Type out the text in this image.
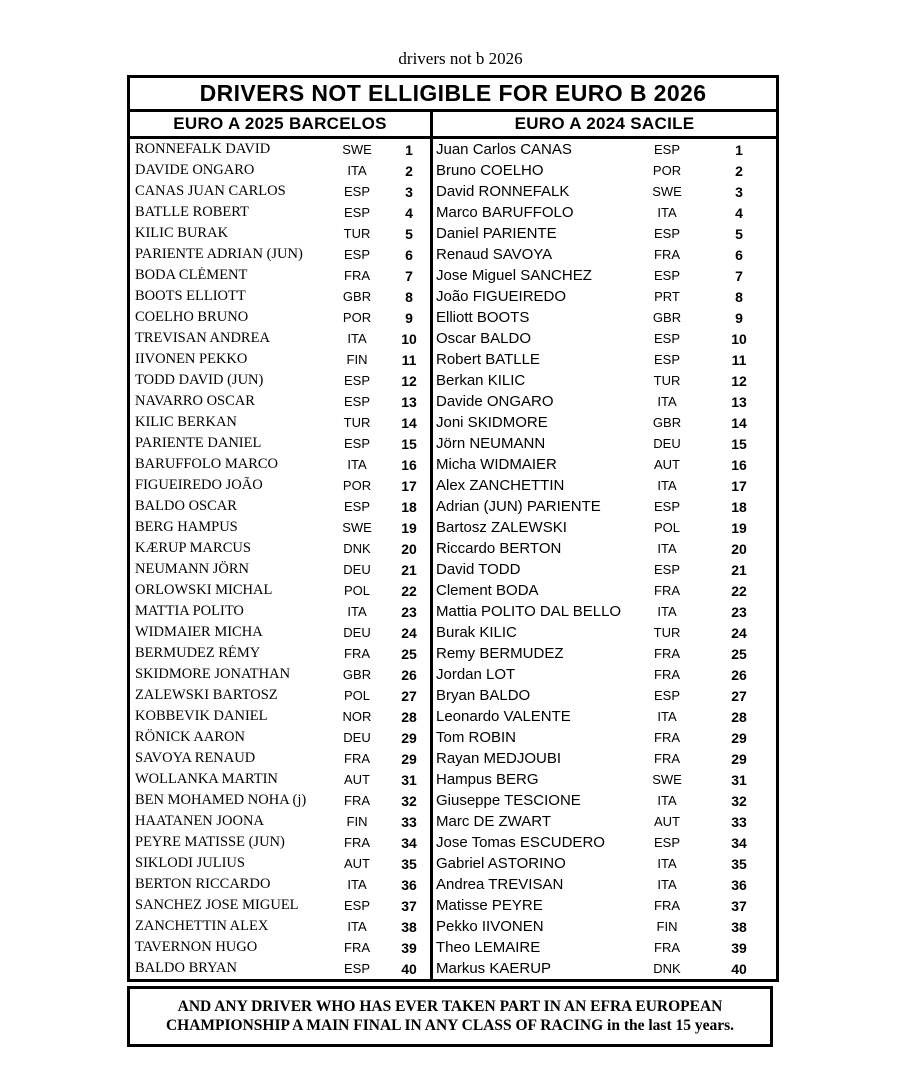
drivers not b 2026
DRIVERS NOT ELLIGIBLE FOR EURO B 2026
EURO A 2025 BARCELOS	EURO A 2024 SACILE
RONNEFALK DAVID	SWE	1
DAVIDE ONGARO	ITA	2
CANAS JUAN CARLOS	ESP	3
BATLLE ROBERT	ESP	4
KILIC BURAK	TUR	5
PARIENTE ADRIAN (JUN)	ESP	6
BODA CLÉMENT	FRA	7
BOOTS ELLIOTT	GBR	8
COELHO BRUNO	POR	9
TREVISAN ANDREA	ITA	10
IIVONEN PEKKO	FIN	11
TODD DAVID (JUN)	ESP	12
NAVARRO OSCAR	ESP	13
KILIC BERKAN	TUR	14
PARIENTE DANIEL	ESP	15
BARUFFOLO MARCO	ITA	16
FIGUEIREDO JOÃO	POR	17
BALDO OSCAR	ESP	18
BERG HAMPUS	SWE	19
KÆRUP MARCUS	DNK	20
NEUMANN JÖRN	DEU	21
ORLOWSKI MICHAL	POL	22
MATTIA POLITO	ITA	23
WIDMAIER MICHA	DEU	24
BERMUDEZ RÉMY	FRA	25
SKIDMORE JONATHAN	GBR	26
ZALEWSKI BARTOSZ	POL	27
KOBBEVIK DANIEL	NOR	28
RÖNICK AARON	DEU	29
SAVOYA RENAUD	FRA	29
WOLLANKA MARTIN	AUT	31
BEN MOHAMED NOHA (j)	FRA	32
HAATANEN JOONA	FIN	33
PEYRE MATISSE (JUN)	FRA	34
SIKLODI JULIUS	AUT	35
BERTON RICCARDO	ITA	36
SANCHEZ JOSE MIGUEL	ESP	37
ZANCHETTIN ALEX	ITA	38
TAVERNON HUGO	FRA	39
BALDO BRYAN	ESP	40
Juan Carlos CANAS	ESP	1
Bruno COELHO	POR	2
David RONNEFALK	SWE	3
Marco BARUFFOLO	ITA	4
Daniel PARIENTE	ESP	5
Renaud SAVOYA	FRA	6
Jose Miguel SANCHEZ	ESP	7
João FIGUEIREDO	PRT	8
Elliott BOOTS	GBR	9
Oscar BALDO	ESP	10
Robert BATLLE	ESP	11
Berkan KILIC	TUR	12
Davide ONGARO	ITA	13
Joni SKIDMORE	GBR	14
Jörn NEUMANN	DEU	15
Micha WIDMAIER	AUT	16
Alex ZANCHETTIN	ITA	17
Adrian (JUN) PARIENTE	ESP	18
Bartosz ZALEWSKI	POL	19
Riccardo BERTON	ITA	20
David TODD	ESP	21
Clement BODA	FRA	22
Mattia POLITO DAL BELLO	ITA	23
Burak KILIC	TUR	24
Remy BERMUDEZ	FRA	25
Jordan LOT	FRA	26
Bryan BALDO	ESP	27
Leonardo VALENTE	ITA	28
Tom ROBIN	FRA	29
Rayan MEDJOUBI	FRA	29
Hampus BERG	SWE	31
Giuseppe TESCIONE	ITA	32
Marc DE ZWART	AUT	33
Jose Tomas ESCUDERO	ESP	34
Gabriel ASTORINO	ITA	35
Andrea TREVISAN	ITA	36
Matisse PEYRE	FRA	37
Pekko IIVONEN	FIN	38
Theo LEMAIRE	FRA	39
Markus KAERUP	DNK	40
AND ANY DRIVER WHO HAS EVER TAKEN PART IN AN EFRA EUROPEAN
CHAMPIONSHIP A MAIN FINAL IN ANY CLASS OF RACING in the last 15 years.
